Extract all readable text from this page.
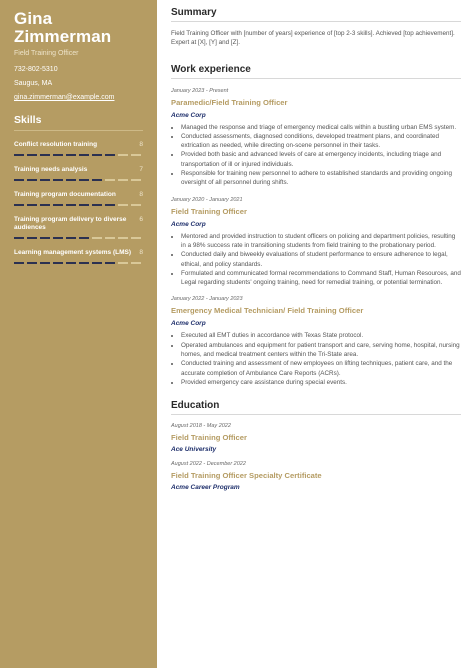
Gina Zimmerman
Field Training Officer
732-802-5310
Saugus, MA
gina.zimmerman@example.com
Skills
Conflict resolution training	8
Training needs analysis	7
Training program documentation	8
Training program delivery to diverse audiences
6
Learning management systems (LMS) 8
Summary
Field Training Officer with [number of years] experience of [top 2-3 skills]. Achieved [top achievement]. Expert at [X], [Y] and [Z].
Work experience
January 2023 - Present
Paramedic/Field Training Officer
Acme Corp
• Managed the response and triage of emergency medical calls within a bustling urban EMS system.
• Conducted assessments, diagnosed conditions, developed treatment plans, and coordinated extrication as needed, while directing on-scene personnel in their tasks.
• Provided both basic and advanced levels of care at emergency incidents, including triage and transportation of ill or injured individuals.
• Responsible for training new personnel to adhere to established standards and providing ongoing oversight of all personnel during shifts.
January 2020 - January 2021
Field Training Officer
Acme Corp
• Mentored and provided instruction to student officers on policing and department policies, resulting in a 98% success rate in transitioning students from field training to the probationary period.
• Conducted daily and biweekly evaluations of student performance to ensure adherence to legal, ethical, and policy standards.
• Formulated and communicated formal recommendations to Command Staff, Human Resources, and Legal regarding students' ongoing training, need for remedial training, or potential termination.
January 2022 - January 2023
Emergency Medical Technician/ Field Training Officer
Acme Corp
• Executed all EMT duties in accordance with Texas State protocol.
• Operated ambulances and equipment for patient transport and care, serving home, hospital, nursing homes, and medical treatment centers within the Tri-State area.
• Conducted training and assessment of new employees on lifting techniques, patient care, and the accurate completion of Ambulance Care Reports (ACRs).
• Provided emergency care assistance during special events.
Education
August 2018 - May 2022
Field Training Officer
Ace University
August 2022 - December 2022
Field Training Officer Specialty Certificate
Acme Career Program
